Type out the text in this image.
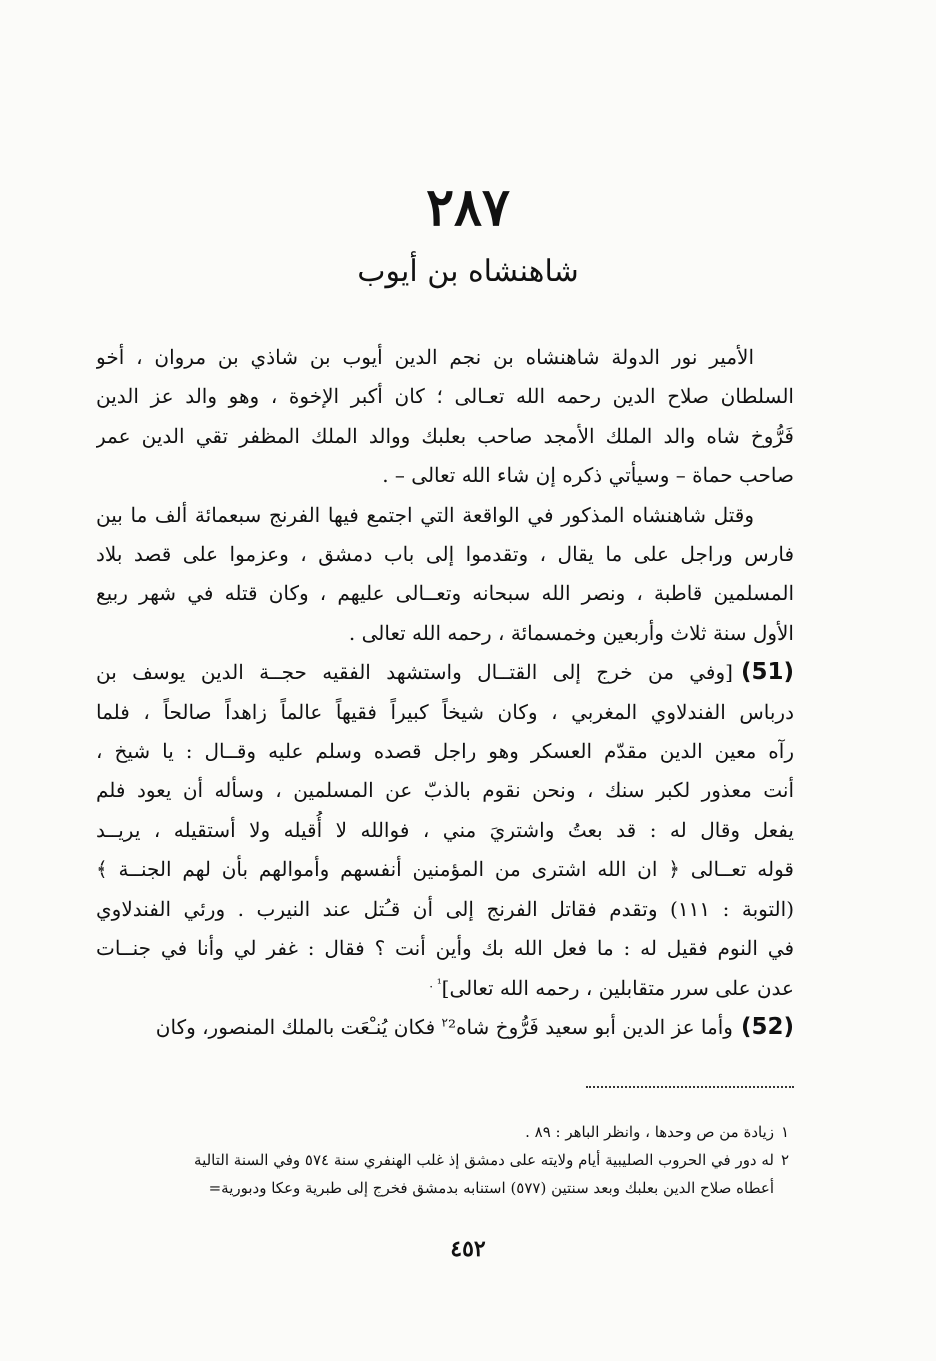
٢٨٧
شاهنشاه بن أيوب

الأمير نور الدولة شاهنشاه بن نجم الدين أيوب بن شاذي بن مروان ، أخو
السلطان صلاح الدين رحمه الله تعـالى ؛ كان أكبر الإخوة ، وهو والد عز الدين
فَرُّوخ شاه والد الملك الأمجد صاحب بعلبك ووالد الملك المظفر تقي الدين عمر
صاحب حماة – وسيأتي ذكره إن شاء الله تعالى – .

وقتل شاهنشاه المذكور في الواقعة التي اجتمع فيها الفرنج سبعمائة ألف ما بين
فارس وراجل على ما يقال ، وتقدموا إلى باب دمشق ، وعزموا على قصد بلاد
المسلمين قاطبة ، ونصر الله سبحانه وتعــالى عليهم ، وكان قتله في شهر ربيع
الأول سنة ثلاث وأربعين وخمسمائة ، رحمه الله تعالى .

(51)[وفي من خرج إلى القتــال واستشهد الفقيه حجــة الدين يوسف بن
درباس الفندلاوي المغربي ، وكان شيخاً كبيراً فقيهاً عالماً زاهداً صالحاً ، فلما
رآه معين الدين مقدّم العسكر وهو راجل قصده وسلم عليه وقــال : يا شيخ ،
أنت معذور لكبر سنك ، ونحن نقوم بالذبّ عن المسلمين ، وسأله أن يعود فلم
يفعل وقال له : قد بعتُ واشتريَ مني ، فوالله لا أُقيله ولا أستقيله ، يريــد
قوله تعــالى ﴿ ان الله اشترى من المؤمنين أنفسهم وأموالهم بأن لهم الجنــة ﴾
(التوبة : ١١١) وتقدم فقاتل الفرنج إلى أن قـُتل عند النيرب . ورئي الفندلاوي
في النوم فقيل له : ما فعل الله بك وأين أنت ؟ فقال : غفر لي وأنا في جنــات
عدن على سرر متقابلين ، رحمه الله تعالى]$^{^1 .}$

(52)وأما عز الدين أبو سعيد فَرُّوخ شاه$^٢$² فكان يُنـْعَت بالملك المنصور، وكان

١زيادة من ص وحدها ، وانظر الباهر : ٨٩ .
٢له دور في الحروب الصليبية أيام ولايته على دمشق إذ غلب الهنفري سنة ٥٧٤ وفي السنة التالية
أعطاه صلاح الدين بعلبك وبعد سنتين (٥٧٧) استنابه بدمشق فخرج إلى طبرية وعكا ودبورية=
٤٥٢
